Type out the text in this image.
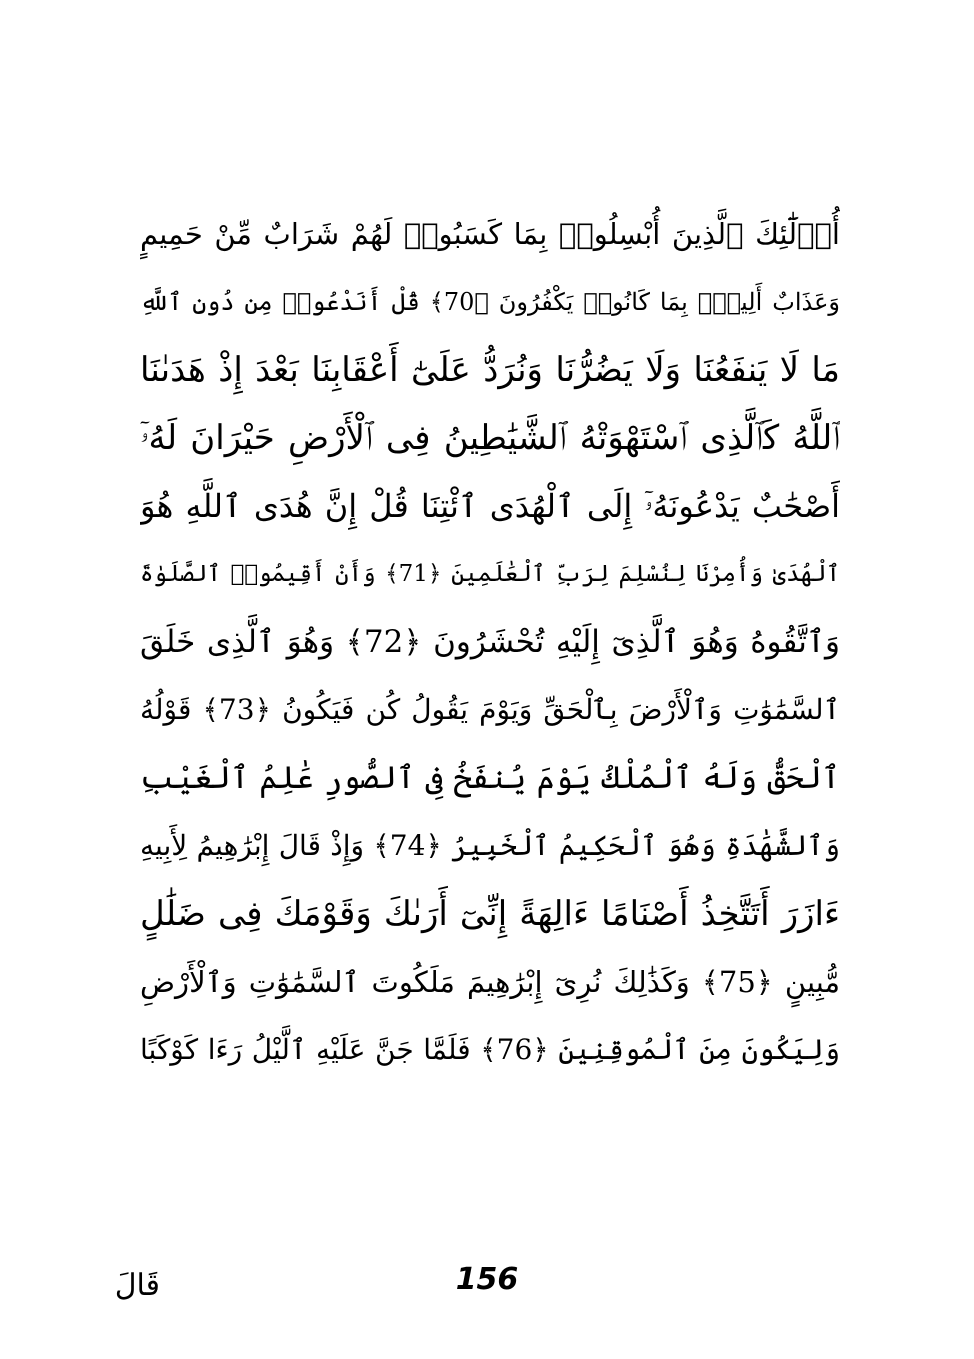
أُو۟لَٰٓئِكَ ٱلَّذِينَ أُبْسِلُوا۟ بِمَا كَسَبُوا۟ لَهُمْ شَرَابٌ مِّنْ حَمِيمٍ
وَعَذَابٌ أَلِيمٌۢ بِمَا كَانُوا۟ يَكْفُرُونَ ﴿70﴾ قُلْ أَنَدْعُوا۟ مِن دُونِ ٱللَّهِ
مَا لَا يَنفَعُنَا وَلَا يَضُرُّنَا وَنُرَدُّ عَلَىٰٓ أَعْقَابِنَا بَعْدَ إِذْ هَدَىٰنَا
ٱللَّهُ كَٱلَّذِى ٱسْتَهْوَتْهُ ٱلشَّيَٰطِينُ فِى ٱلْأَرْضِ حَيْرَانَ لَهُۥٓ
أَصْحَٰبٌ يَدْعُونَهُۥٓ إِلَى ٱلْهُدَى ٱئْتِنَا قُلْ إِنَّ هُدَى ٱللَّهِ هُوَ
ٱلْهُدَىٰ وَأُمِرْنَا لِنُسْلِمَ لِرَبِّ ٱلْعَٰلَمِينَ ﴿71﴾ وَأَنْ أَقِيمُوا۟ ٱلصَّلَوٰةَ
وَٱتَّقُوهُ وَهُوَ ٱلَّذِىٓ إِلَيْهِ تُحْشَرُونَ ﴿72﴾ وَهُوَ ٱلَّذِى خَلَقَ
ٱلسَّمَٰوَٰتِ وَٱلْأَرْضَ بِٱلْحَقِّ وَيَوْمَ يَقُولُ كُن فَيَكُونُ ﴿73﴾ قَوْلُهُ
ٱلْحَقُّ وَلَهُ ٱلْمُلْكُ يَوْمَ يُنفَخُ فِى ٱلصُّورِ عَٰلِمُ ٱلْغَيْبِ
وَٱلشَّهَٰدَةِ وَهُوَ ٱلْحَكِيمُ ٱلْخَبِيرُ ﴿74﴾ وَإِذْ قَالَ إِبْرَٰهِيمُ لِأَبِيهِ
ءَازَرَ أَتَتَّخِذُ أَصْنَامًا ءَالِهَةً إِنِّىٓ أَرَىٰكَ وَقَوْمَكَ فِى ضَلَٰلٍ
مُّبِينٍ ﴿75﴾ وَكَذَٰلِكَ نُرِىٓ إِبْرَٰهِيمَ مَلَكُوتَ ٱلسَّمَٰوَٰتِ وَٱلْأَرْضِ
وَلِيَكُونَ مِنَ ٱلْمُوقِنِينَ ﴿76﴾ فَلَمَّا جَنَّ عَلَيْهِ ٱلَّيْلُ رَءَا كَوْكَبًا
156
قَالَ
